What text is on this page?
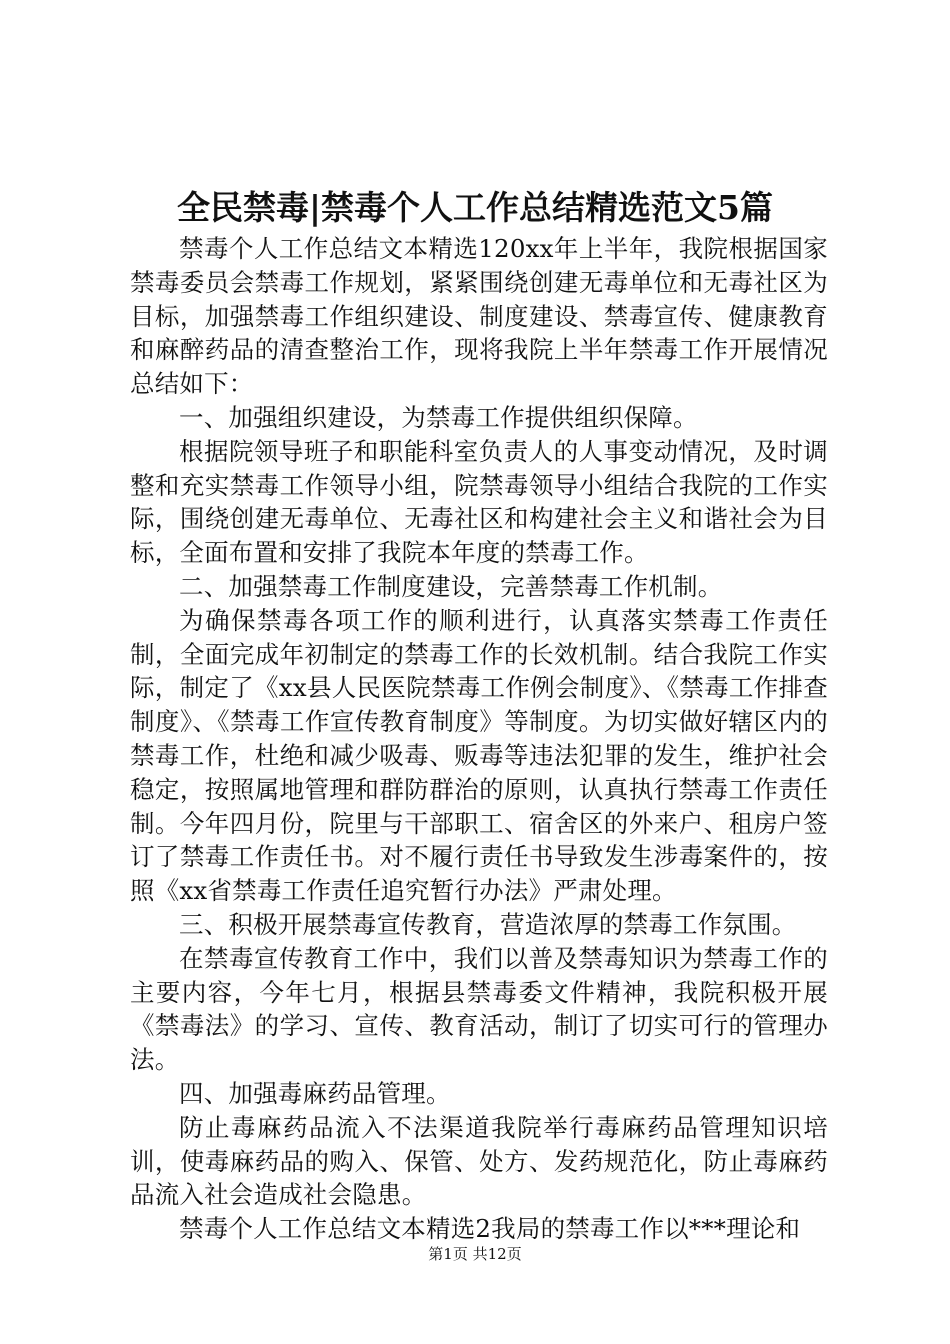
全民禁毒|禁毒个人工作总结精选范文5篇

禁毒个人工作总结文本精选120xx年上半年，我院根据国家禁毒委员会禁毒工作规划，紧紧围绕创建无毒单位和无毒社区为目标，加强禁毒工作组织建设、制度建设、禁毒宣传、健康教育和麻醉药品的清查整治工作，现将我院上半年禁毒工作开展情况总结如下：

一、加强组织建设，为禁毒工作提供组织保障。

根据院领导班子和职能科室负责人的人事变动情况，及时调整和充实禁毒工作领导小组，院禁毒领导小组结合我院的工作实际，围绕创建无毒单位、无毒社区和构建社会主义和谐社会为目标，全面布置和安排了我院本年度的禁毒工作。

二、加强禁毒工作制度建设，完善禁毒工作机制。

为确保禁毒各项工作的顺利进行，认真落实禁毒工作责任制，全面完成年初制定的禁毒工作的长效机制。结合我院工作实际，制定了《xx县人民医院禁毒工作例会制度》、《禁毒工作排查制度》、《禁毒工作宣传教育制度》等制度。为切实做好辖区内的禁毒工作，杜绝和减少吸毒、贩毒等违法犯罪的发生，维护社会稳定，按照属地管理和群防群治的原则，认真执行禁毒工作责任制。今年四月份，院里与干部职工、宿舍区的外来户、租房户签订了禁毒工作责任书。对不履行责任书导致发生涉毒案件的，按照《xx省禁毒工作责任追究暂行办法》严肃处理。

三、积极开展禁毒宣传教育，营造浓厚的禁毒工作氛围。

在禁毒宣传教育工作中，我们以普及禁毒知识为禁毒工作的主要内容，今年七月，根据县禁毒委文件精神，我院积极开展《禁毒法》的学习、宣传、教育活动，制订了切实可行的管理办法。

四、加强毒麻药品管理。

防止毒麻药品流入不法渠道我院举行毒麻药品管理知识培训，使毒麻药品的购入、保管、处方、发药规范化，防止毒麻药品流入社会造成社会隐患。

禁毒个人工作总结文本精选2我局的禁毒工作以***理论和

第1页 共12页
